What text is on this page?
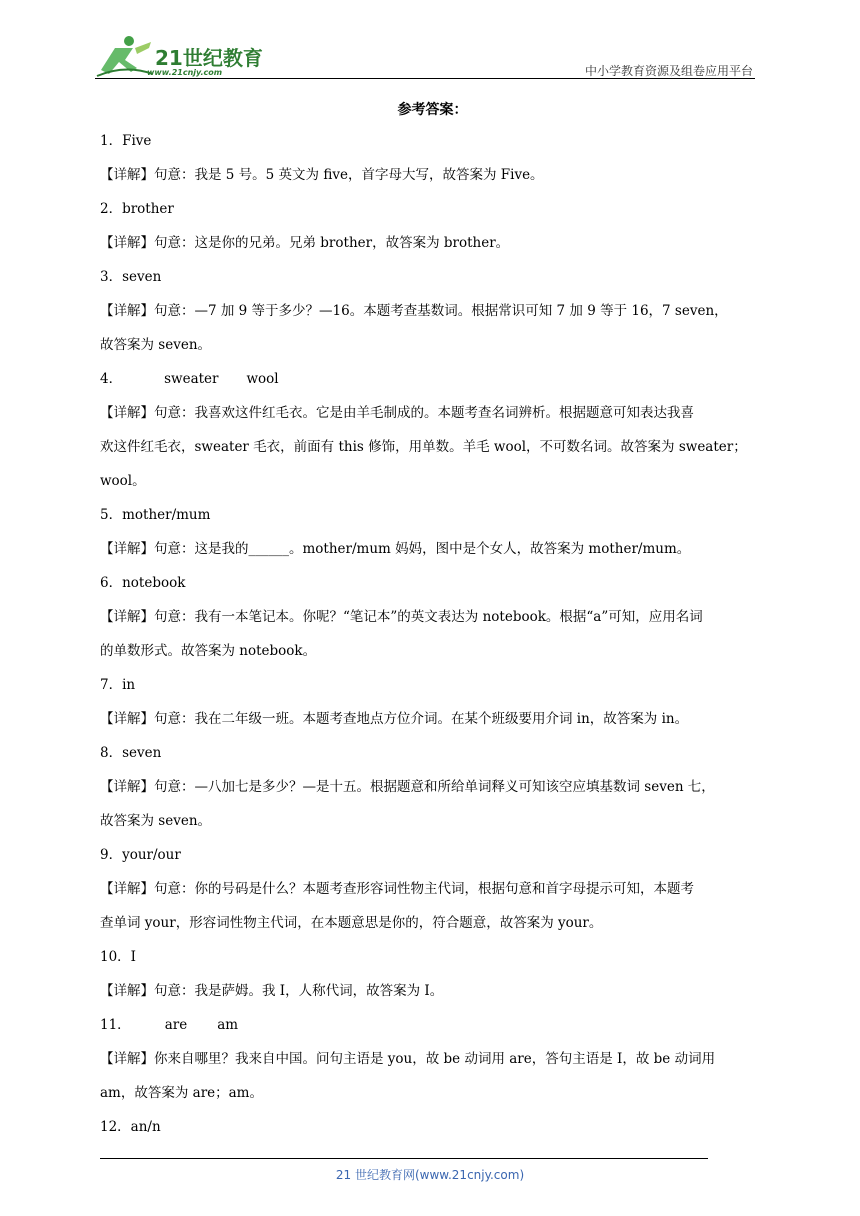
21世纪教育
www.21cnjy.com	中小学教育资源及组卷应用平台
参考答案：
1．Five
【详解】句意：我是 5 号。5 英文为 five，首字母大写，故答案为 Five。
2．brother
【详解】句意：这是你的兄弟。兄弟 brother，故答案为 brother。
3．seven
【详解】句意：—7 加 9 等于多少？—16。本题考查基数词。根据常识可知 7 加 9 等于 16，7 seven，
故答案为 seven。
4．	sweater wool
【详解】句意：我喜欢这件红毛衣。它是由羊毛制成的。本题考查名词辨析。根据题意可知表达我喜
欢这件红毛衣，sweater 毛衣，前面有 this 修饰，用单数。羊毛 wool，不可数名词。故答案为 sweater；
wool。
5．mother/mum
【详解】句意：这是我的______。mother/mum 妈妈，图中是个女人，故答案为 mother/mum。
6．notebook
【详解】句意：我有一本笔记本。你呢？“笔记本”的英文表达为 notebook。根据“a”可知，应用名词
的单数形式。故答案为 notebook。
7．in
【详解】句意：我在二年级一班。本题考查地点方位介词。在某个班级要用介词 in，故答案为 in。
8．seven
【详解】句意：—八加七是多少？—是十五。根据题意和所给单词释义可知该空应填基数词 seven 七，
故答案为 seven。
9．your/our
【详解】句意：你的号码是什么？本题考查形容词性物主代词，根据句意和首字母提示可知，本题考
查单词 your，形容词性物主代词，在本题意思是你的，符合题意，故答案为 your。
10．I
【详解】句意：我是萨姆。我 I，人称代词，故答案为 I。
11．	are am
【详解】你来自哪里？我来自中国。问句主语是 you，故 be 动词用 are，答句主语是 I，故 be 动词用
am，故答案为 are；am。
12．an/n
21 世纪教育网(www.21cnjy.com)
